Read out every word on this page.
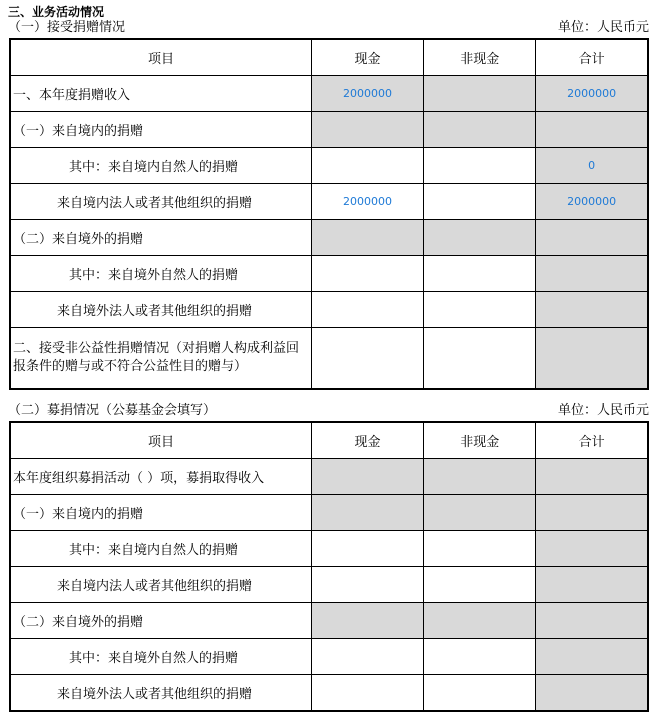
三、业务活动情况
（一）接受捐赠情况	单位：人民币元
项目	现金	非现金	合计
一、本年度捐赠收入	2000000		2000000
（一）来自境内的捐赠			
其中：来自境内自然人的捐赠			0
来自境内法人或者其他组织的捐赠	2000000		2000000
（二）来自境外的捐赠			
其中：来自境外自然人的捐赠			
来自境外法人或者其他组织的捐赠			
二、接受非公益性捐赠情况（对捐赠人构成利益回报条件的赠与或不符合公益性目的赠与）			
（二）募捐情况（公募基金会填写）	单位：人民币元
项目	现金	非现金	合计
本年度组织募捐活动（ ）项，募捐取得收入			
（一）来自境内的捐赠			
其中：来自境内自然人的捐赠			
来自境内法人或者其他组织的捐赠			
（二）来自境外的捐赠			
其中：来自境外自然人的捐赠			
来自境外法人或者其他组织的捐赠			
